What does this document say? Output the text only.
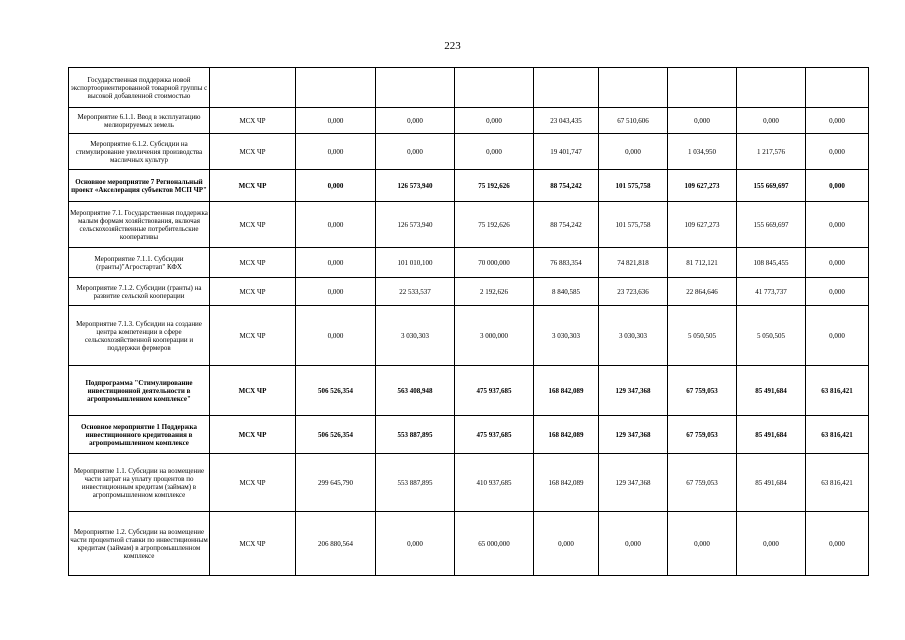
223
Государственная поддержка новой экспортоориентированной товарной группы с высокой добавленной стоимостью									
Мероприятие 6.1.1. Ввод в эксплуатацию мелиорируемых земель	МСХ ЧР	0,000	0,000	0,000	23 043,435	67 510,606	0,000	0,000	0,000
Мероприятие 6.1.2. Субсидии на стимулирование увеличения производства масличных культур	МСХ ЧР	0,000	0,000	0,000	19 401,747	0,000	1 034,950	1 217,576	0,000
Основное мероприятие 7 Региональный проект «Акселерация субъектов МСП ЧР"	МСХ ЧР	0,000	126 573,940	75 192,626	88 754,242	101 575,758	109 627,273	155 669,697	0,000
Мероприятие 7.1. Государственная поддержка малым формам хозяйствования, включая сельскохозяйственные потребительские кооперативы	МСХ ЧР	0,000	126 573,940	75 192,626	88 754,242	101 575,758	109 627,273	155 669,697	0,000
Мероприятие 7.1.1. Субсидии (гранты)"Агростартап" КФХ	МСХ ЧР	0,000	101 010,100	70 000,000	76 883,354	74 821,818	81 712,121	108 845,455	0,000
Мероприятие 7.1.2. Субсидии (гранты) на развитие сельской кооперации	МСХ ЧР	0,000	22 533,537	2 192,626	8 840,585	23 723,636	22 864,646	41 773,737	0,000
Мероприятие 7.1.3. Субсидии на создание центра компетенции в сфере сельскохозяйственной кооперации и поддержки фермеров	МСХ ЧР	0,000	3 030,303	3 000,000	3 030,303	3 030,303	5 050,505	5 050,505	0,000
Подпрограмма "Стимулирование инвестиционной деятельности в агропромышленном комплексе"	МСХ ЧР	506 526,354	563 408,948	475 937,685	168 842,089	129 347,368	67 759,053	85 491,684	63 816,421
Основное мероприятие 1 Поддержка инвестиционного кредитования в агропромышленном комплексе	МСХ ЧР	506 526,354	553 887,895	475 937,685	168 842,089	129 347,368	67 759,053	85 491,684	63 816,421
Мероприятие 1.1. Субсидии на возмещение части затрат на уплату процентов по инвестиционным кредитам (займам) в агропромышленном комплексе	МСХ ЧР	299 645,790	553 887,895	410 937,685	168 842,089	129 347,368	67 759,053	85 491,684	63 816,421
Мероприятие 1.2. Субсидии на возмещение части процентной ставки по инвестиционным кредитам (займам) в агропромышленном комплексе	МСХ ЧР	206 880,564	0,000	65 000,000	0,000	0,000	0,000	0,000	0,000
